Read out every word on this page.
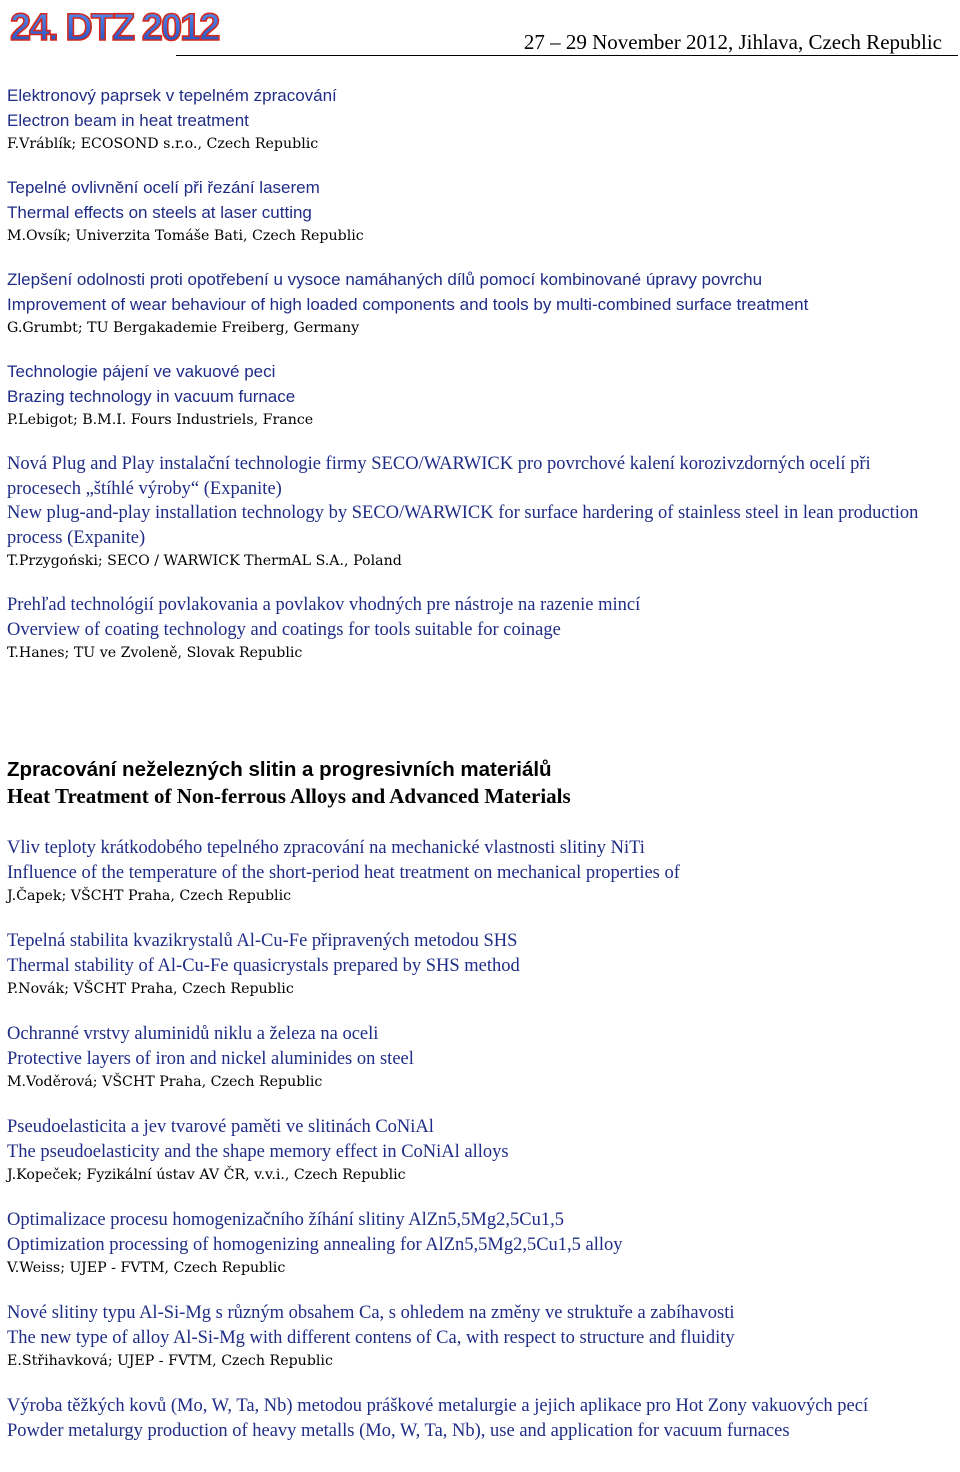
24. DTZ 2012	27 – 29 November 2012, Jihlava, Czech Republic
Elektronový paprsek v tepelném zpracování
Electron beam in heat treatment
F.Vráblík; ECOSOND s.r.o., Czech Republic
Tepelné ovlivnění ocelí při řezání laserem
Thermal effects on steels at laser cutting
M.Ovsík; Univerzita Tomáše Bati, Czech Republic
Zlepšení odolnosti proti opotřebení u vysoce namáhaných dílů pomocí kombinované úpravy povrchu
Improvement of wear behaviour of high loaded components and tools by multi-combined surface treatment
G.Grumbt; TU Bergakademie Freiberg, Germany
Technologie pájení ve vakuové peci
Brazing technology in vacuum furnace
P.Lebigot; B.M.I. Fours Industriels, France
Nová Plug and Play instalační technologie firmy SECO/WARWICK pro povrchové kalení korozivzdorných ocelí při procesech „štíhlé výroby“ (Expanite)
New plug-and-play installation technology by SECO/WARWICK for surface hardering of stainless steel in lean production process (Expanite)
T.Przygoński; SECO / WARWICK ThermAL S.A., Poland
Prehľad technológií povlakovania a povlakov vhodných pre nástroje na razenie mincí
Overview of coating technology and coatings for tools suitable for coinage
T.Hanes; TU ve Zvoleně, Slovak Republic
Zpracování neželezných slitin a progresivních materiálů
Heat Treatment of Non-ferrous Alloys and Advanced Materials
Vliv teploty krátkodobého tepelného zpracování na mechanické vlastnosti slitiny NiTi
Influence of the temperature of the short-period heat treatment on mechanical properties of
J.Čapek; VŠCHT Praha, Czech Republic
Tepelná stabilita kvazikrystalů Al-Cu-Fe připravených metodou SHS
Thermal stability of Al-Cu-Fe quasicrystals prepared by SHS method
P.Novák; VŠCHT Praha, Czech Republic
Ochranné vrstvy aluminidů niklu a železa na oceli
Protective layers of iron and nickel aluminides on steel
M.Voděrová; VŠCHT Praha, Czech Republic
Pseudoelasticita a jev tvarové paměti ve slitinách CoNiAl
The pseudoelasticity and the shape memory effect in CoNiAl alloys
J.Kopeček; Fyzikální ústav AV ČR, v.v.i., Czech Republic
Optimalizace procesu homogenizačního žíhání slitiny AlZn5,5Mg2,5Cu1,5
Optimization processing of homogenizing annealing for AlZn5,5Mg2,5Cu1,5 alloy
V.Weiss; UJEP - FVTM, Czech Republic
Nové slitiny typu Al-Si-Mg s různým obsahem Ca, s ohledem na změny ve struktuře a zabíhavosti
The new type of alloy Al-Si-Mg with different contens of Ca, with respect to structure and fluidity
E.Střihavková; UJEP - FVTM, Czech Republic
Výroba těžkých kovů (Mo, W, Ta, Nb) metodou práškové metalurgie a jejich aplikace pro Hot Zony vakuových pecí
Powder metalurgy production of heavy metalls (Mo, W, Ta, Nb), use and application for vacuum furnaces
